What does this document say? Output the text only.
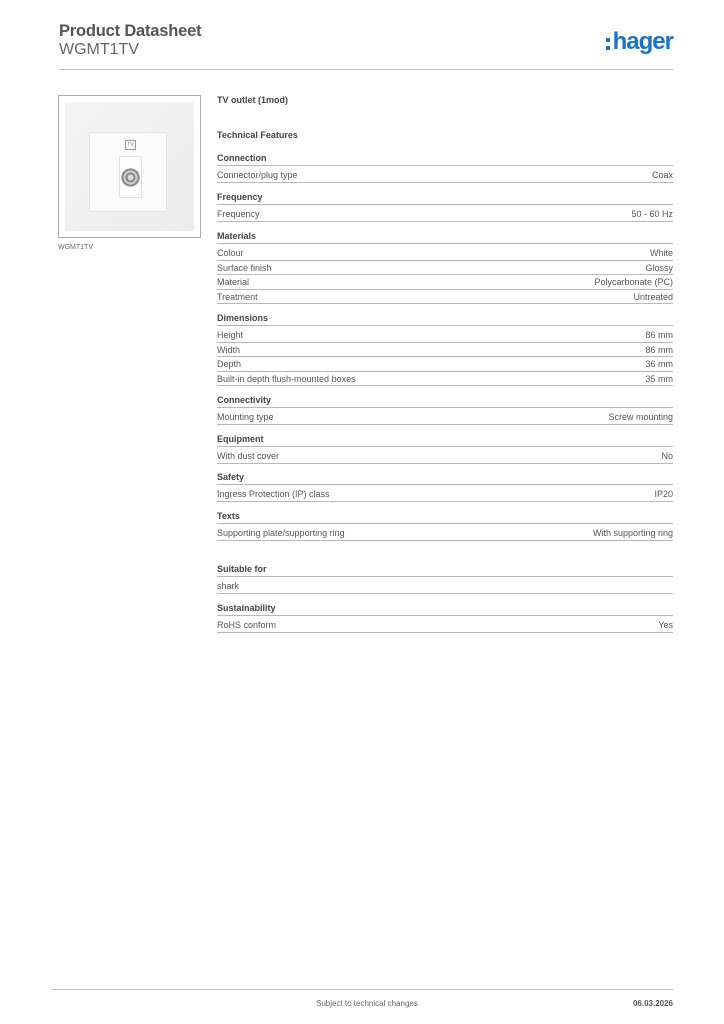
Product Datasheet
WGMT1TV	hager
TV
WGMT1TV
TV outlet (1mod)
Technical Features
Connection
Connector/plug type	Coax
Frequency
Frequency	50 - 60 Hz
Materials
Colour	White
Surface finish	Glossy
Material	Polycarbonate (PC)
Treatment	Untreated
Dimensions
Height	86 mm
Width	86 mm
Depth	36 mm
Built-in depth flush-mounted boxes	35 mm
Connectivity
Mounting type	Screw mounting
Equipment
With dust cover	No
Safety
Ingress Protection (IP) class	IP20
Texts
Supporting plate/supporting ring	With supporting ring
Suitable for
shark
Sustainability
RoHS conform	Yes
Subject to technical changes	06.03.2026
